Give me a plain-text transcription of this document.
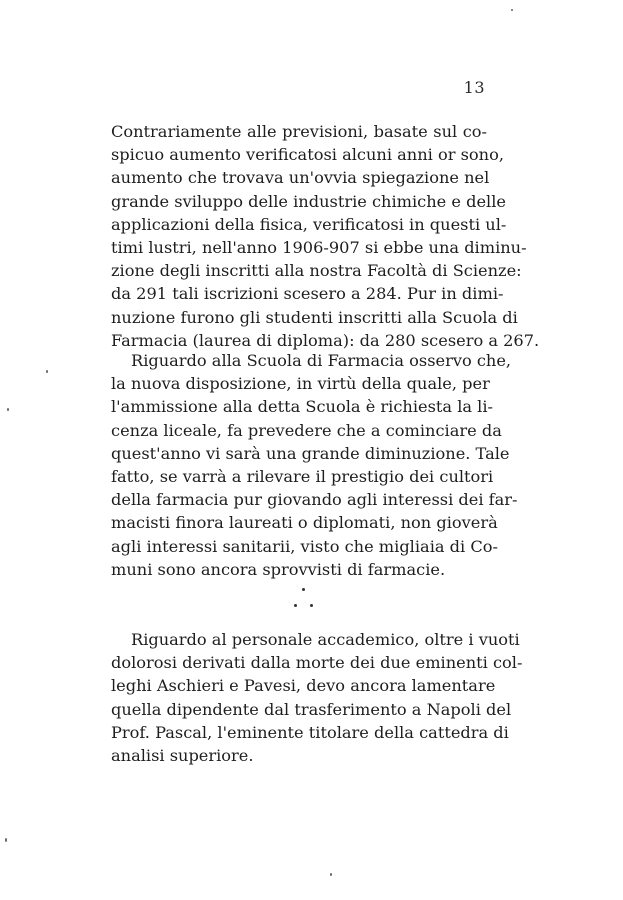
13
Contrariamente alle previsioni, basate sul co-
spicuo aumento verificatosi alcuni anni or sono,
aumento che trovava un'ovvia spiegazione nel
grande sviluppo delle industrie chimiche e delle
applicazioni della fisica, verificatosi in questi ul-
timi lustri, nell'anno 1906-907 si ebbe una diminu-
zione degli inscritti alla nostra Facoltà di Scienze:
da 291 tali iscrizioni scesero a 284. Pur in dimi-
nuzione furono gli studenti inscritti alla Scuola di
Farmacia (laurea di diploma): da 280 scesero a 267.
Riguardo alla Scuola di Farmacia osservo che,
la nuova disposizione, in virtù della quale, per
l'ammissione alla detta Scuola è richiesta la li-
cenza liceale, fa prevedere che a cominciare da
quest'anno vi sarà una grande diminuzione. Tale
fatto, se varrà a rilevare il prestigio dei cultori
della farmacia pur giovando agli interessi dei far-
macisti finora laureati o diplomati, non gioverà
agli interessi sanitarii, visto che migliaia di Co-
muni sono ancora sprovvisti di farmacie.
Riguardo al personale accademico, oltre i vuoti
dolorosi derivati dalla morte dei due eminenti col-
leghi Aschieri e Pavesi, devo ancora lamentare
quella dipendente dal trasferimento a Napoli del
Prof. Pascal, l'eminente titolare della cattedra di
analisi superiore.
